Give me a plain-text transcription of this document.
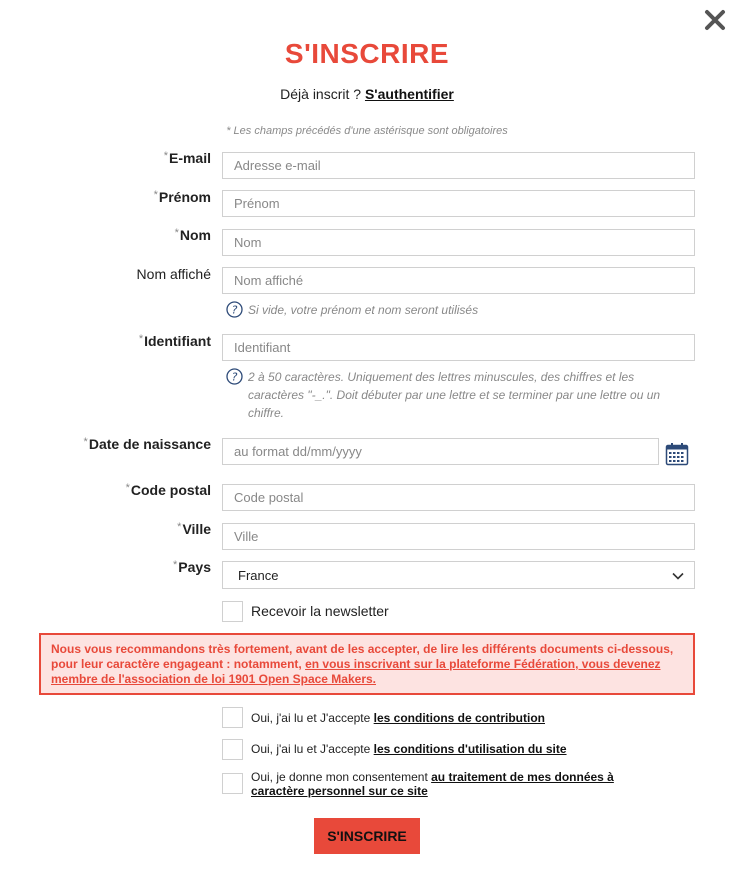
S'INSCRIRE
Déjà inscrit ? S'authentifier
* Les champs précédés d'une astérisque sont obligatoires
*E-mail
Adresse e-mail
*Prénom
Prénom
*Nom
Nom
Nom affiché
Nom affiché
? Si vide, votre prénom et nom seront utilisés
*Identifiant
Identifiant
? 2 à 50 caractères. Uniquement des lettres minuscules, des chiffres et les caractères "-_.". Doit débuter par une lettre et se terminer par une lettre ou un chiffre.
*Date de naissance
au format dd/mm/yyyy
*Code postal
Code postal
*Ville
Ville
*Pays
France
Recevoir la newsletter
Nous vous recommandons très fortement, avant de les accepter, de lire les différents documents ci-dessous, pour leur caractère engageant : notamment, en vous inscrivant sur la plateforme Fédération, vous devenez membre de l'association de loi 1901 Open Space Makers.
Oui, j'ai lu et J'accepte les conditions de contribution
Oui, j'ai lu et J'accepte les conditions d'utilisation du site
Oui, je donne mon consentement au traitement de mes données à caractère personnel sur ce site
S'INSCRIRE
